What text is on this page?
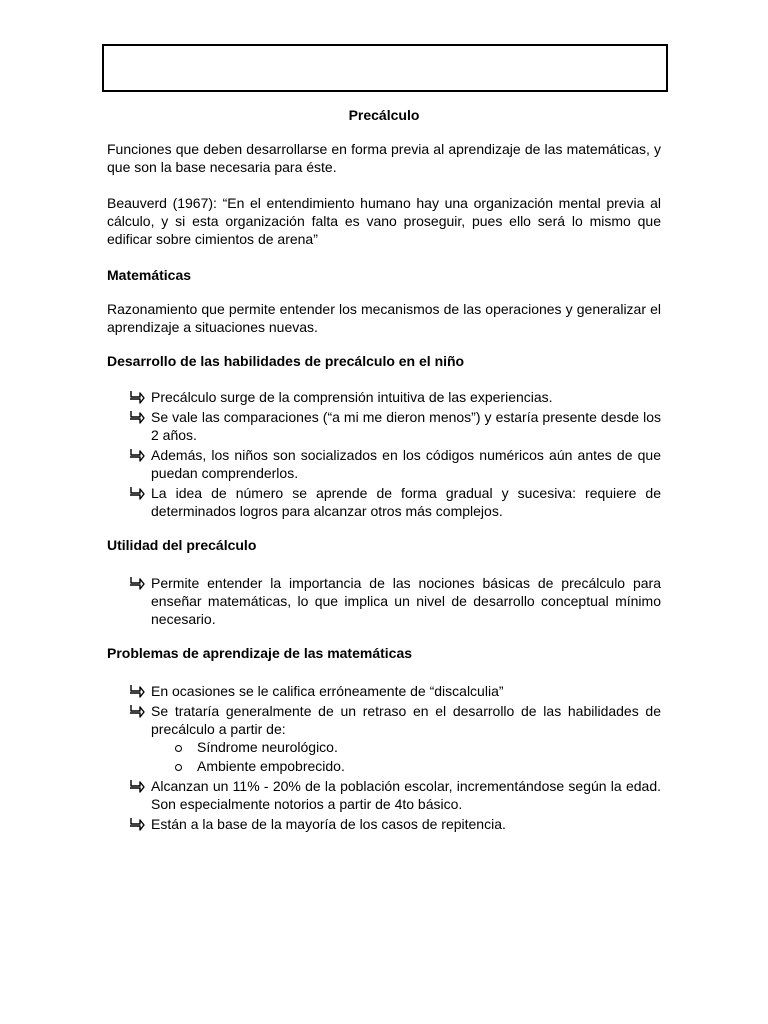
Precálculo

Funciones que deben desarrollarse en forma previa al aprendizaje de las matemáticas, y que son la base necesaria para éste.

Beauverd (1967): “En el entendimiento humano hay una organización mental previa al cálculo, y si esta organización falta es vano proseguir, pues ello será lo mismo que edificar sobre cimientos de arena”

Matemáticas

Razonamiento que permite entender los mecanismos de las operaciones y generalizar el aprendizaje a situaciones nuevas.

Desarrollo de las habilidades de precálculo en el niño
Precálculo surge de la comprensión intuitiva de las experiencias.
Se vale las comparaciones (“a mi me dieron menos”) y estaría presente desde los 2 años.
Además, los niños son socializados en los códigos numéricos aún antes de que puedan comprenderlos.
La idea de número se aprende de forma gradual y sucesiva: requiere de determinados logros para alcanzar otros más complejos.
Utilidad del precálculo
Permite entender la importancia de las nociones básicas de precálculo para enseñar matemáticas, lo que implica un nivel de desarrollo conceptual mínimo necesario.
Problemas de aprendizaje de las matemáticas
En ocasiones se le califica erróneamente de “discalculia”
Se trataría generalmente de un retraso en el desarrollo de las habilidades de precálculo a partir de:
Síndrome neurológico.
Ambiente empobrecido.
Alcanzan un 11% - 20% de la población escolar, incrementándose según la edad. Son especialmente notorios a partir de 4to básico.
Están a la base de la mayoría de los casos de repitencia.
